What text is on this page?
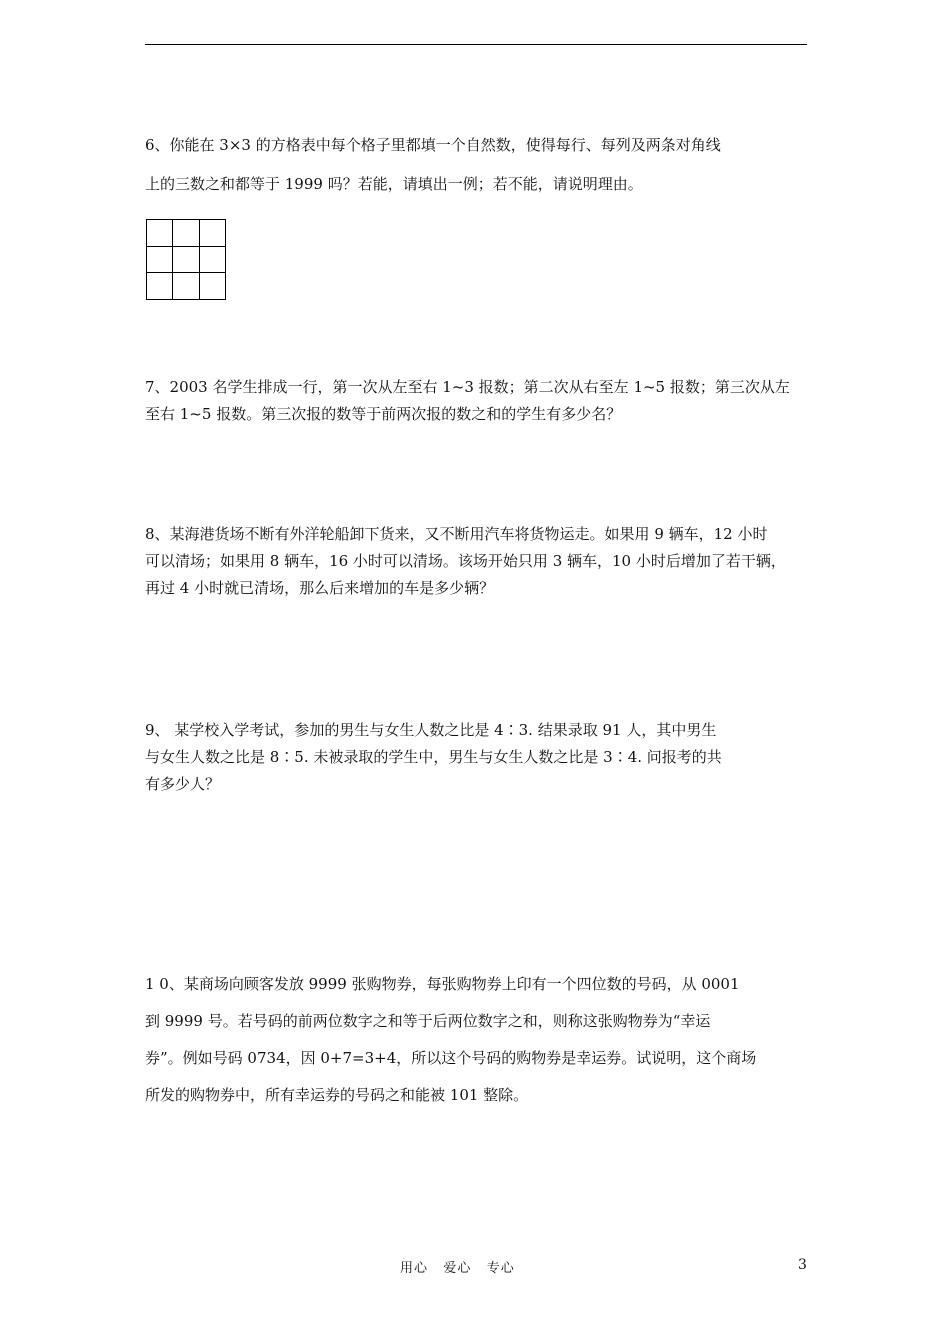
6、你能在 3×3 的方格表中每个格子里都填一个自然数，使得每行、每列及两条对角线
上的三数之和都等于 1999 吗？若能，请填出一例；若不能，请说明理由。
7、2003 名学生排成一行，第一次从左至右 1~3 报数；第二次从右至左 1~5 报数；第三次从左
至右 1~5 报数。第三次报的数等于前两次报的数之和的学生有多少名？
8、某海港货场不断有外洋轮船卸下货来，又不断用汽车将货物运走。如果用 9 辆车，12 小时
可以清场；如果用 8 辆车，16 小时可以清场。该场开始只用 3 辆车，10 小时后增加了若干辆，
再过 4 小时就已清场，那么后来增加的车是多少辆？
9、 某学校入学考试，参加的男生与女生人数之比是 4∶3. 结果录取 91 人，其中男生
与女生人数之比是 8∶5. 未被录取的学生中，男生与女生人数之比是 3∶4. 问报考的共
有多少人？
1 0、某商场向顾客发放 9999 张购物券，每张购物券上印有一个四位数的号码，从 0001
到 9999 号。若号码的前两位数字之和等于后两位数字之和，则称这张购物券为“幸运
券”。例如号码 0734，因 0+7=3+4，所以这个号码的购物券是幸运券。试说明，这个商场
所发的购物券中，所有幸运券的号码之和能被 101 整除。
用心   爱心   专心	3
